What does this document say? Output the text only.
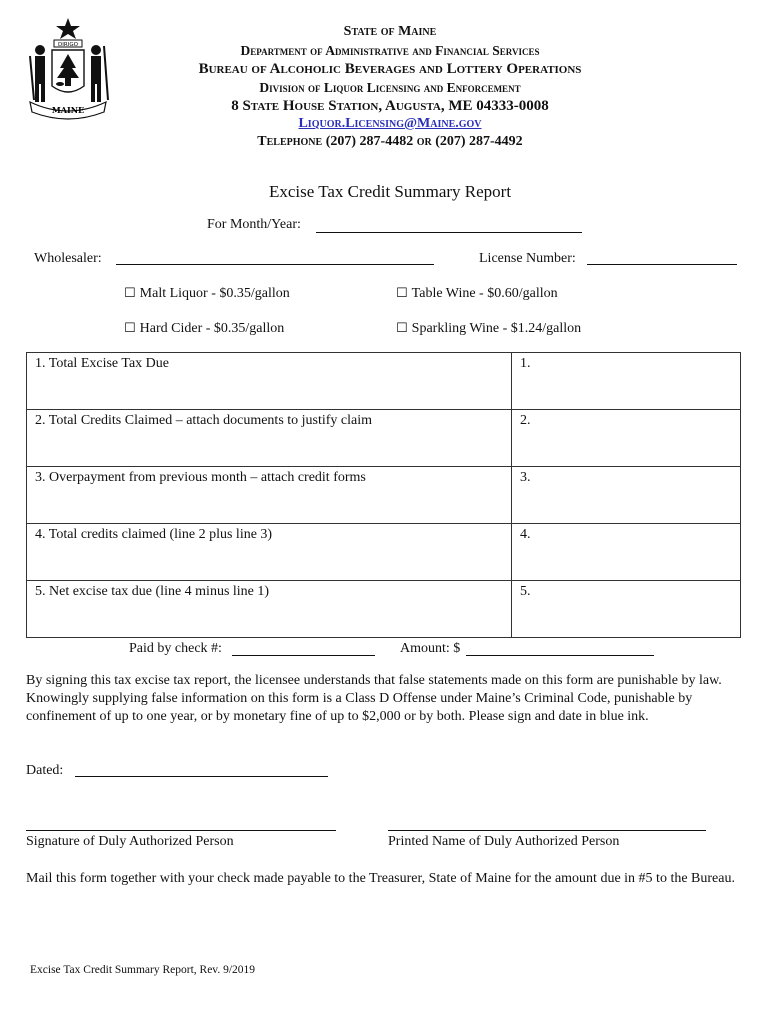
DIRIGO
MAINE
State of Maine
Department of Administrative and Financial Services
Bureau of Alcoholic Beverages and Lottery Operations
Division of Liquor Licensing and Enforcement
8 State House Station, Augusta, ME 04333-0008
Liquor.Licensing@Maine.gov
Telephone (207) 287-4482 or (207) 287-4492
Excise Tax Credit Summary Report
For Month/Year:
Wholesaler:	License Number:
☐ Malt Liquor - $0.35/gallon	☐ Table Wine - $0.60/gallon
☐ Hard Cider - $0.35/gallon	☐ Sparkling Wine - $1.24/gallon
1. Total Excise Tax Due	1.
2. Total Credits Claimed – attach documents to justify claim	2.
3. Overpayment from previous month – attach credit forms	3.
4. Total credits claimed (line 2 plus line 3)	4.
5. Net excise tax due (line 4 minus line 1)	5.
Paid by check #:	Amount: $
By signing this tax excise tax report, the licensee understands that false statements made on this form are punishable by law. Knowingly supplying false information on this form is a Class D Offense under Maine’s Criminal Code, punishable by confinement of up to one year, or by monetary fine of up to $2,000 or by both. Please sign and date in blue ink.
Dated:
Signature of Duly Authorized Person	Printed Name of Duly Authorized Person
Mail this form together with your check made payable to the Treasurer, State of Maine for the amount due in #5 to the Bureau.
Excise Tax Credit Summary Report, Rev. 9/2019
